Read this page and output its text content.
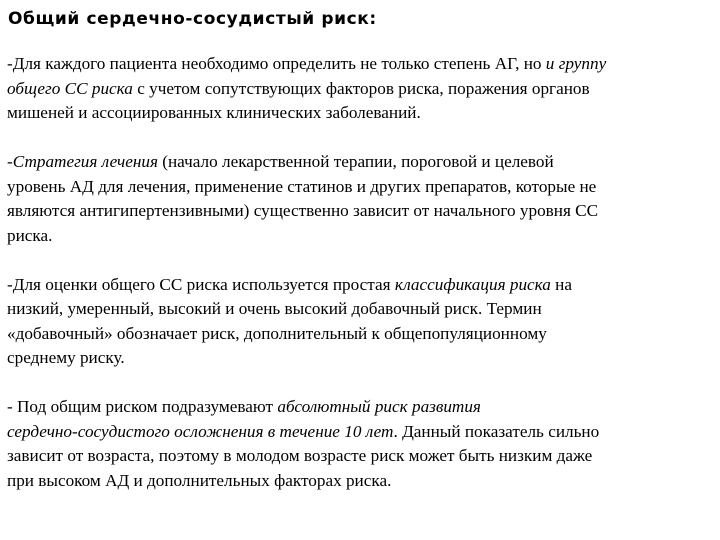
Общий сердечно-сосудистый риск:

-Для каждого пациента необходимо определить не только степень АГ, но и группу
общего СС риска с учетом сопутствующих факторов риска, поражения органов
мишеней и ассоциированных клинических заболеваний.

-Стратегия лечения (начало лекарственной терапии, пороговой и целевой
уровень АД для лечения, применение статинов и других препаратов, которые не
являются антигипертензивными) существенно зависит от начального уровня СС
риска.

-Для оценки общего СС риска используется простая классификация риска на
низкий, умеренный, высокий и очень высокий добавочный риск. Термин
«добавочный» обозначает риск, дополнительный к общепопуляционному
среднему риску.

- Под общим риском подразумевают абсолютный риск развития
сердечно-сосудистого осложнения в течение 10 лет. Данный показатель сильно
зависит от возраста, поэтому в молодом возрасте риск может быть низким даже
при высоком АД и дополнительных факторах риска.
